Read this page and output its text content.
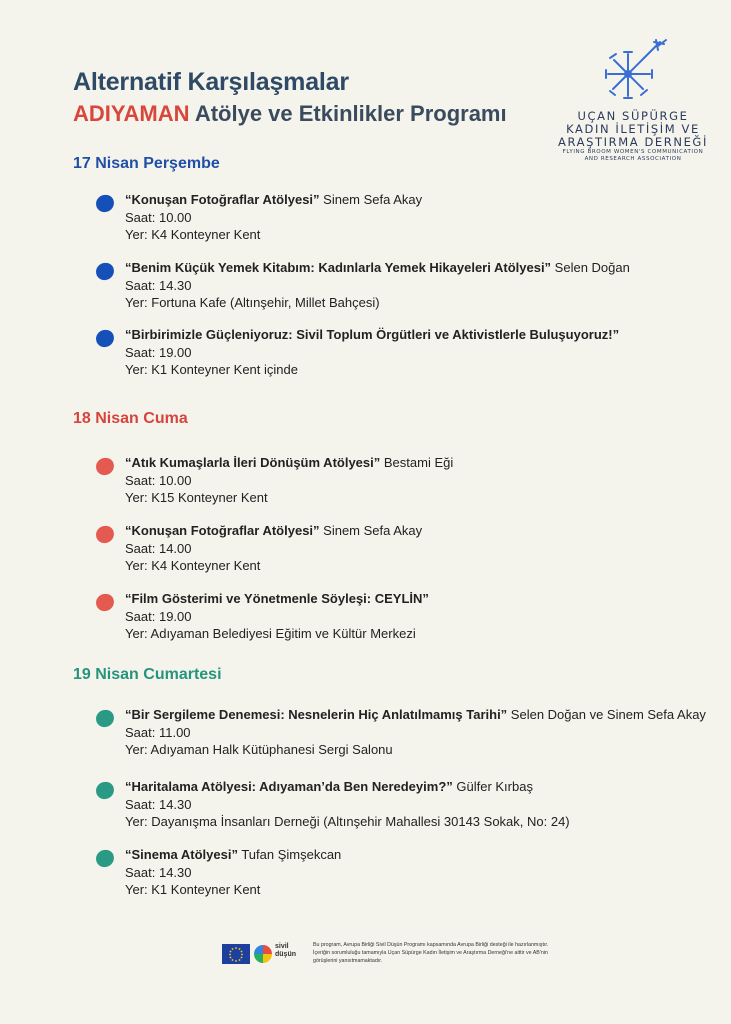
Alternatif Karşılaşmalar
ADIYAMAN Atölye ve Etkinlikler Programı	UÇAN SÜPÜRGE
KADIN İLETİŞİM VE
ARAŞTIRMA DERNEĞİ
FLYING BROOM WOMEN'S COMMUNICATION
AND RESEARCH ASSOCIATION
17 Nisan Perşembe
“Konuşan Fotoğraflar Atölyesi” Sinem Sefa Akay
Saat: 10.00
Yer: K4 Konteyner Kent
“Benim Küçük Yemek Kitabım: Kadınlarla Yemek Hikayeleri Atölyesi” Selen Doğan
Saat: 14.30
Yer: Fortuna Kafe (Altınşehir, Millet Bahçesi)
“Birbirimizle Güçleniyoruz: Sivil Toplum Örgütleri ve Aktivistlerle Buluşuyoruz!”
Saat: 19.00
Yer: K1 Konteyner Kent içinde
18 Nisan Cuma
“Atık Kumaşlarla İleri Dönüşüm Atölyesi” Bestami Eği
Saat: 10.00
Yer: K15 Konteyner Kent
“Konuşan Fotoğraflar Atölyesi” Sinem Sefa Akay
Saat: 14.00
Yer: K4 Konteyner Kent
“Film Gösterimi ve Yönetmenle Söyleşi: CEYLİN”
Saat: 19.00
Yer: Adıyaman Belediyesi Eğitim ve Kültür Merkezi
19 Nisan Cumartesi
“Bir Sergileme Denemesi: Nesnelerin Hiç Anlatılmamış Tarihi” Selen Doğan ve Sinem Sefa Akay
Saat: 11.00
Yer: Adıyaman Halk Kütüphanesi Sergi Salonu
“Haritalama Atölyesi: Adıyaman’da Ben Neredeyim?” Gülfer Kırbaş
Saat: 14.30
Yer: Dayanışma İnsanları Derneği (Altınşehir Mahallesi 30143 Sokak, No: 24)
“Sinema Atölyesi” Tufan Şimşekcan
Saat: 14.30
Yer: K1 Konteyner Kent
sivil
düşün
Bu program, Avrupa Birliği Sivil Düşün Programı kapsamında Avrupa Birliği desteği ile hazırlanmıştır. İçeriğin sorumluluğu tamamıyla Uçan Süpürge Kadın İletişim ve Araştırma Derneği'ne aittir ve AB'nin görüşlerini yansıtmamaktadır.
